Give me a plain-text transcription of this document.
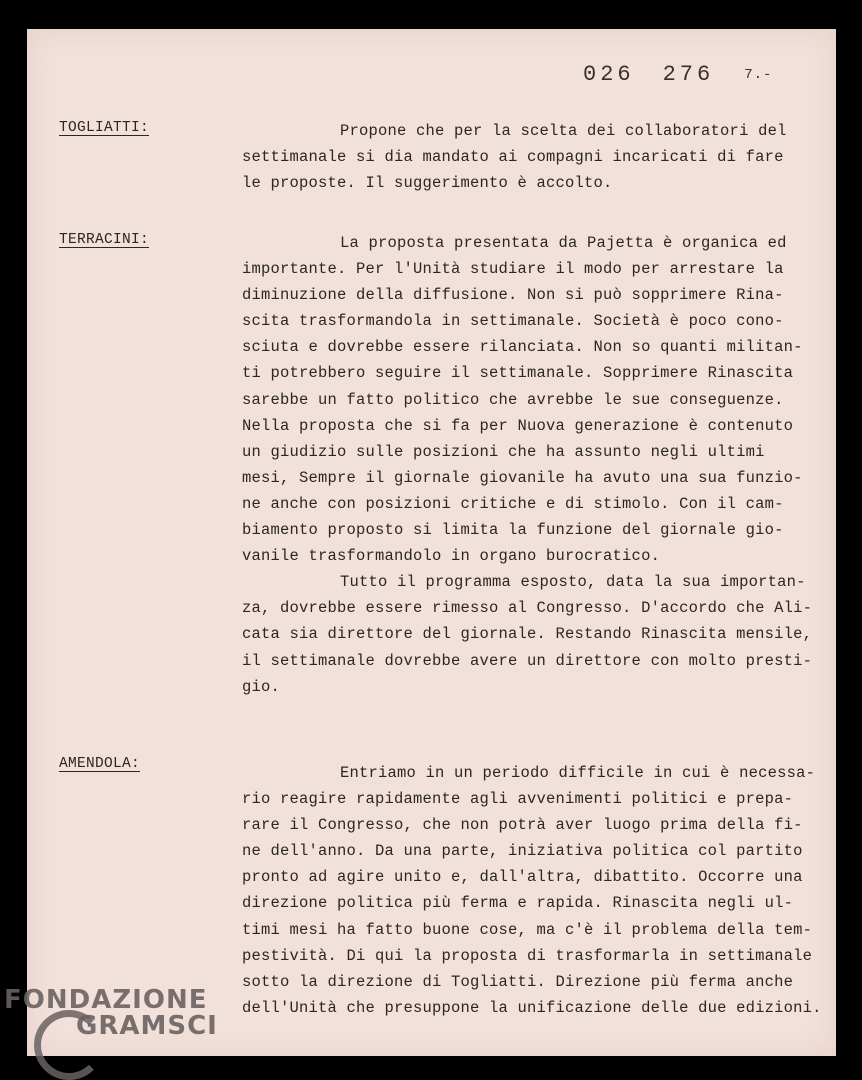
026 276 7.-
TOGLIATTI:	Propone che per la scelta dei collaboratori del
settimanale si dia mandato ai compagni incaricati di fare
le proposte. Il suggerimento è accolto.
TERRACINI:	La proposta presentata da Pajetta è organica ed
importante. Per l'Unità studiare il modo per arrestare la
diminuzione della diffusione. Non si può sopprimere Rina-
scita trasformandola in settimanale. Società è poco cono-
sciuta e dovrebbe essere rilanciata. Non so quanti militan-
ti potrebbero seguire il settimanale. Sopprimere Rinascita
sarebbe un fatto politico che avrebbe le sue conseguenze.
Nella proposta che si fa per Nuova generazione è contenuto
un giudizio sulle posizioni che ha assunto negli ultimi
mesi, Sempre il giornale giovanile ha avuto una sua funzio-
ne anche con posizioni critiche e di stimolo. Con il cam-
biamento proposto si limita la funzione del giornale gio-
vanile trasformandolo in organo burocratico.
Tutto il programma esposto, data la sua importan-
za, dovrebbe essere rimesso al Congresso. D'accordo che Ali-
cata sia direttore del giornale. Restando Rinascita mensile,
il settimanale dovrebbe avere un direttore con molto presti-
gio.
AMENDOLA:	Entriamo in un periodo difficile in cui è necessa-
rio reagire rapidamente agli avvenimenti politici e prepa-
rare il Congresso, che non potrà aver luogo prima della fi-
ne dell'anno. Da una parte, iniziativa politica col partito
pronto ad agire unito e, dall'altra, dibattito. Occorre una
direzione politica più ferma e rapida. Rinascita negli ul-
timi mesi ha fatto buone cose, ma c'è il problema della tem-
pestività. Di qui la proposta di trasformarla in settimanale
sotto la direzione di Togliatti. Direzione più ferma anche
dell'Unità che presuppone la unificazione delle due edizioni.
FONDAZIONE
GRAMSCI
